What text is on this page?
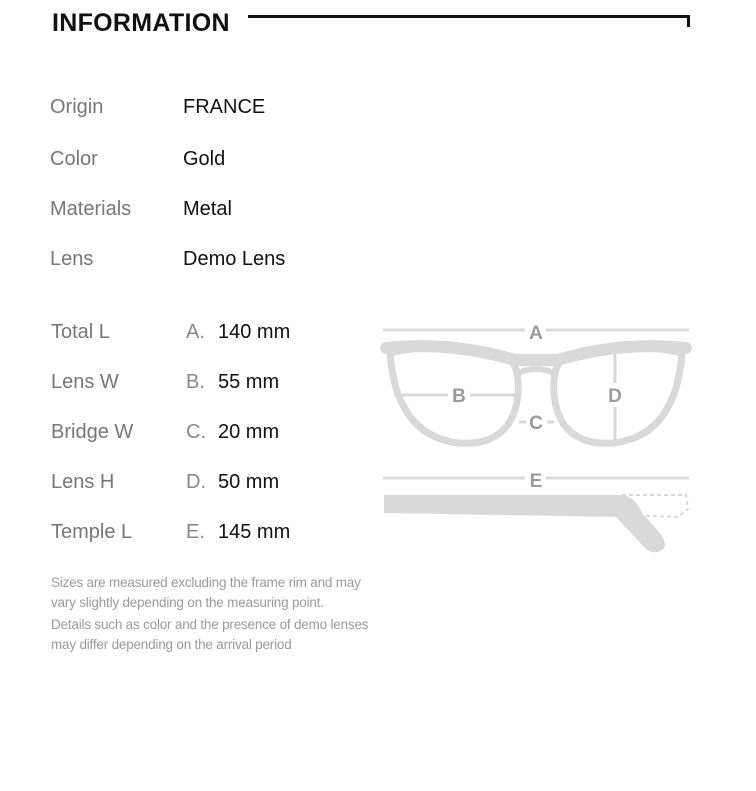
INFORMATION
Origin	FRANCE
Color	Gold
Materials	Metal
Lens	Demo Lens
Total L	A. 140 mm
Lens W	B. 55 mm
Bridge W	C. 20 mm
Lens H	D. 50 mm
Temple L	E. 145 mm
Sizes are measured excluding the frame rim and may vary slightly depending on the measuring point.
Details such as color and the presence of demo lenses may differ depending on the arrival period
A
B
C
D
E
